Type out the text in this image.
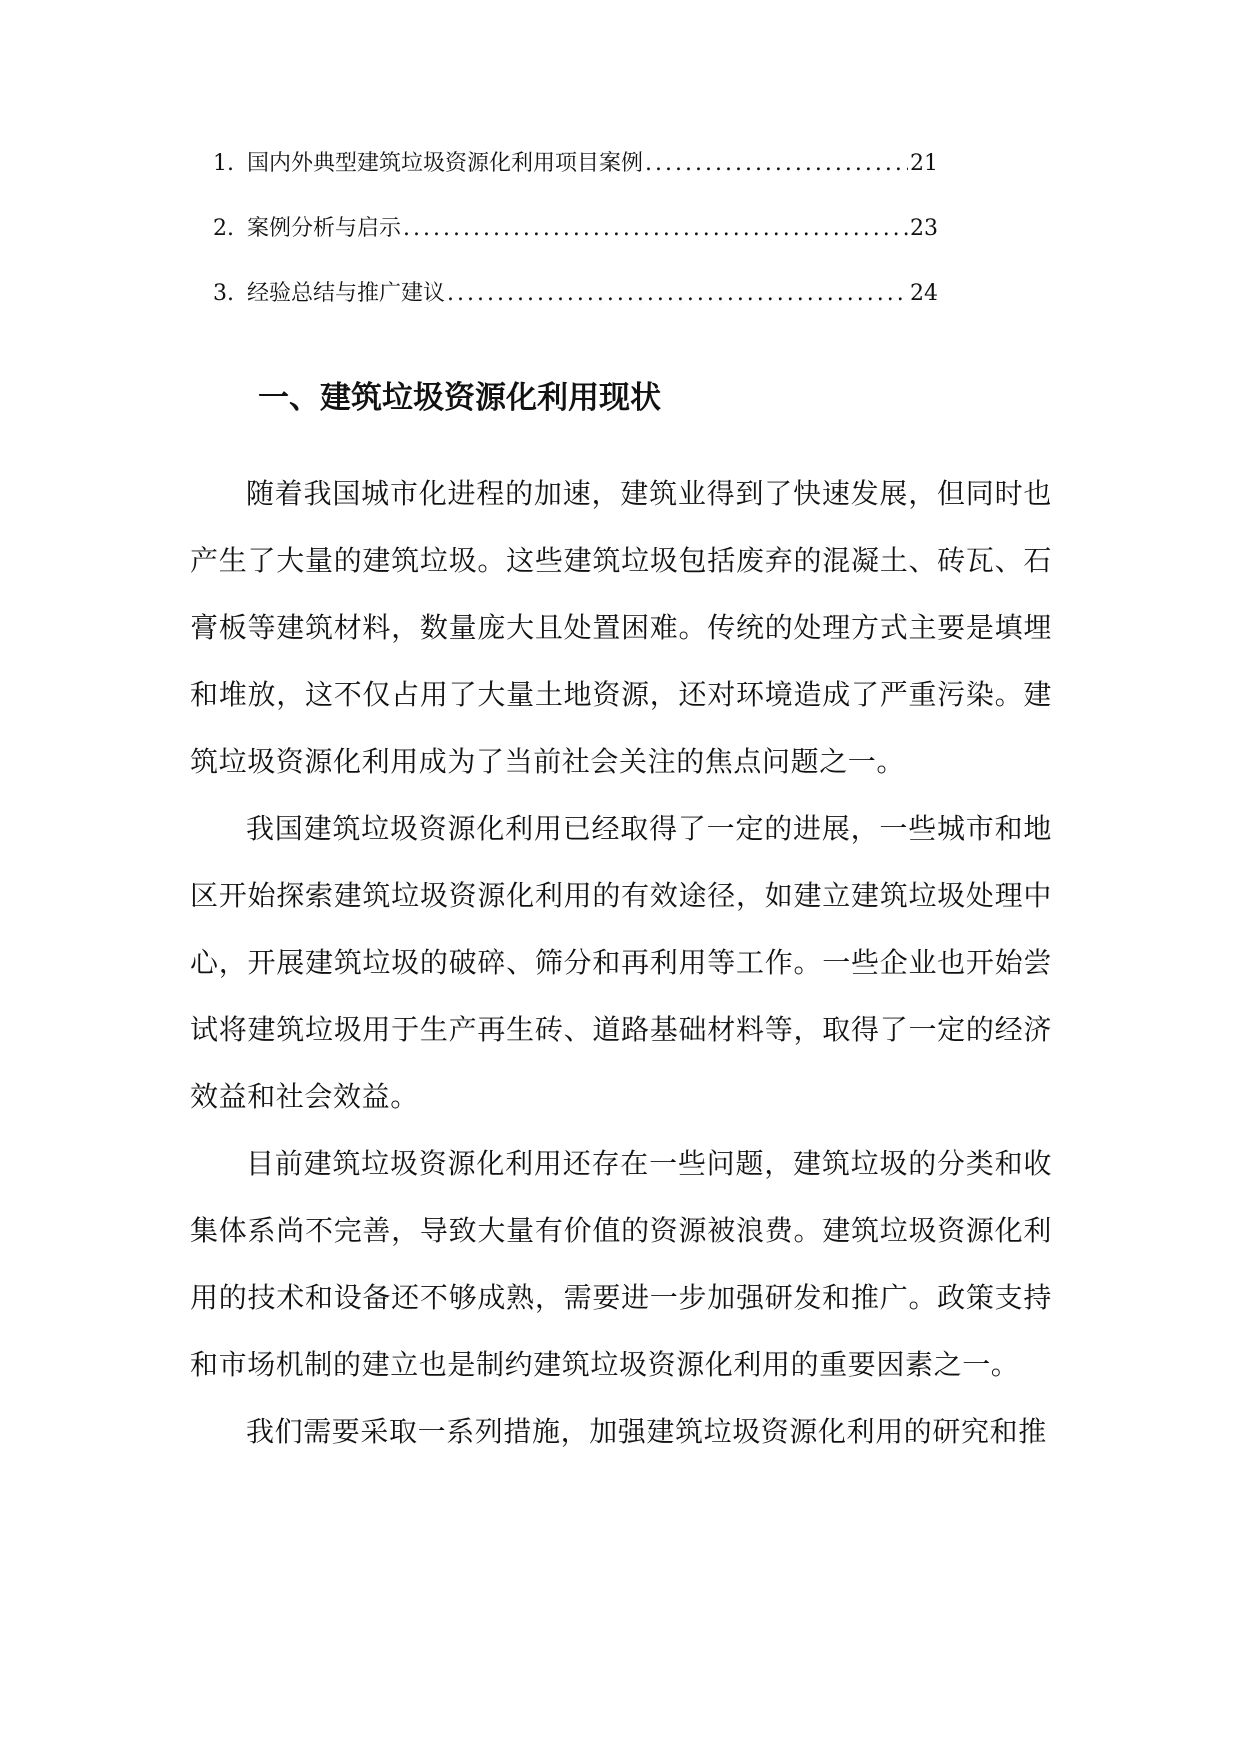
1. 国内外典型建筑垃圾资源化利用项目案例 .....	21
2. 案例分析与启示 .....	23
3. 经验总结与推广建议 .....	24
一、建筑垃圾资源化利用现状

随着我国城市化进程的加速，建筑业得到了快速发展，但同时也产生了大量的建筑垃圾。这些建筑垃圾包括废弃的混凝土、砖瓦、石膏板等建筑材料，数量庞大且处置困难。传统的处理方式主要是填埋和堆放，这不仅占用了大量土地资源，还对环境造成了严重污染。建筑垃圾资源化利用成为了当前社会关注的焦点问题之一。

我国建筑垃圾资源化利用已经取得了一定的进展，一些城市和地区开始探索建筑垃圾资源化利用的有效途径，如建立建筑垃圾处理中心，开展建筑垃圾的破碎、筛分和再利用等工作。一些企业也开始尝试将建筑垃圾用于生产再生砖、道路基础材料等，取得了一定的经济效益和社会效益。

目前建筑垃圾资源化利用还存在一些问题，建筑垃圾的分类和收集体系尚不完善，导致大量有价值的资源被浪费。建筑垃圾资源化利用的技术和设备还不够成熟，需要进一步加强研发和推广。政策支持和市场机制的建立也是制约建筑垃圾资源化利用的重要因素之一。

我们需要采取一系列措施，加强建筑垃圾资源化利用的研究和推
